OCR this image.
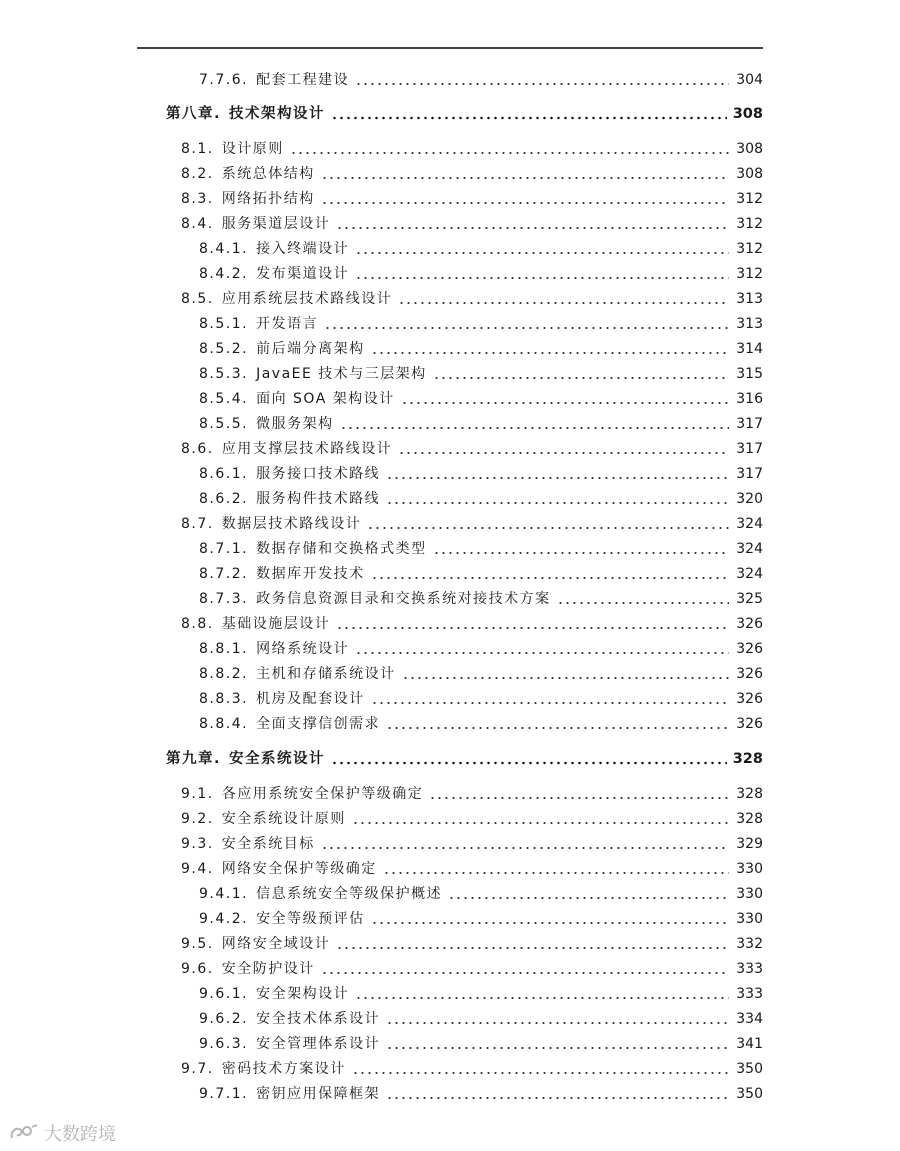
7.7.6. 配套工程建设	304
第八章. 技术架构设计	308
8.1. 设计原则	308
8.2. 系统总体结构	308
8.3. 网络拓扑结构	312
8.4. 服务渠道层设计	312
8.4.1. 接入终端设计	312
8.4.2. 发布渠道设计	312
8.5. 应用系统层技术路线设计	313
8.5.1. 开发语言	313
8.5.2. 前后端分离架构	314
8.5.3. JavaEE 技术与三层架构	315
8.5.4. 面向 SOA 架构设计	316
8.5.5. 微服务架构	317
8.6. 应用支撑层技术路线设计	317
8.6.1. 服务接口技术路线	317
8.6.2. 服务构件技术路线	320
8.7. 数据层技术路线设计	324
8.7.1. 数据存储和交换格式类型	324
8.7.2. 数据库开发技术	324
8.7.3. 政务信息资源目录和交换系统对接技术方案	325
8.8. 基础设施层设计	326
8.8.1. 网络系统设计	326
8.8.2. 主机和存储系统设计	326
8.8.3. 机房及配套设计	326
8.8.4. 全面支撑信创需求	326
第九章. 安全系统设计	328
9.1. 各应用系统安全保护等级确定	328
9.2. 安全系统设计原则	328
9.3. 安全系统目标	329
9.4. 网络安全保护等级确定	330
9.4.1. 信息系统安全等级保护概述	330
9.4.2. 安全等级预评估	330
9.5. 网络安全域设计	332
9.6. 安全防护设计	333
9.6.1. 安全架构设计	333
9.6.2. 安全技术体系设计	334
9.6.3. 安全管理体系设计	341
9.7. 密码技术方案设计	350
9.7.1. 密钥应用保障框架	350
大数跨境
